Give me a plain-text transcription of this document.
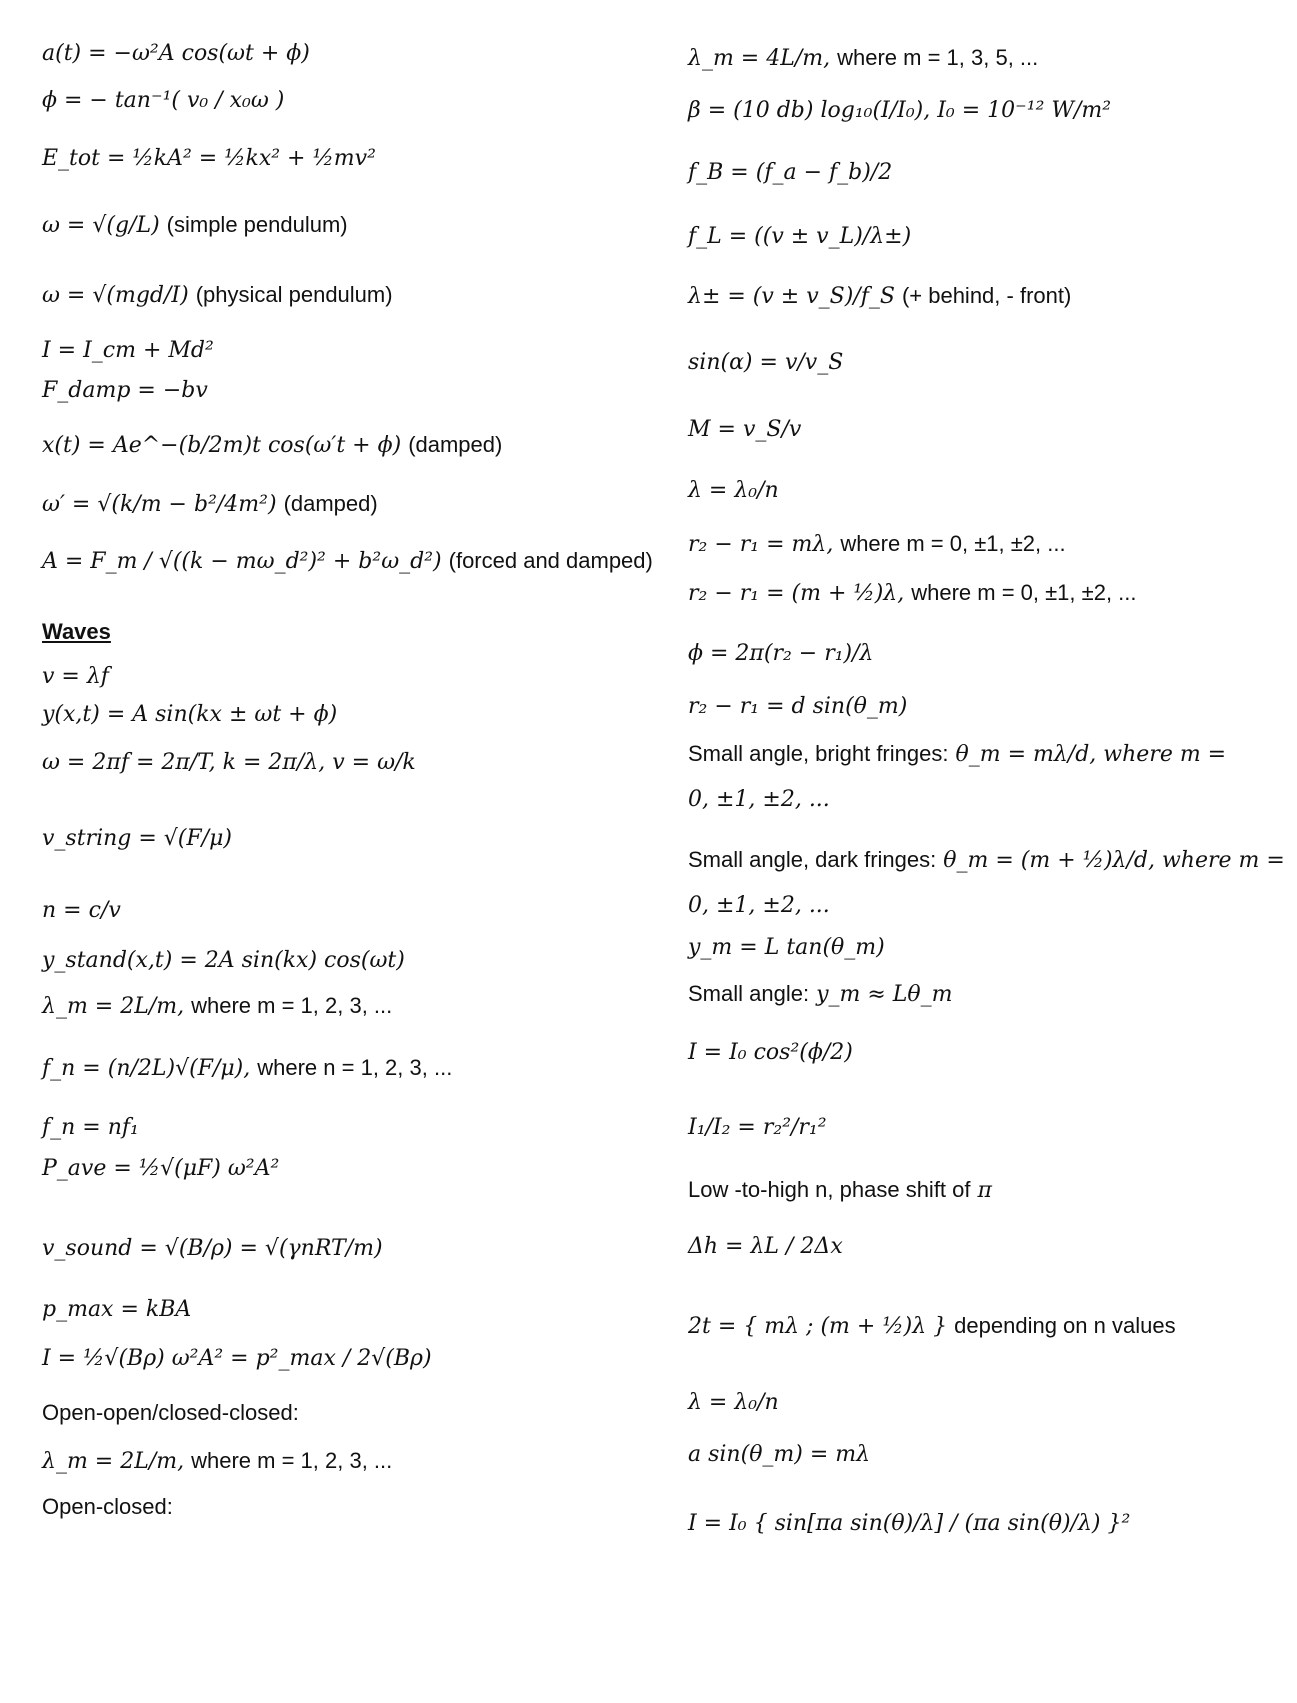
a(t) = −ω²A cos(ωt + ϕ)
ϕ = − tan⁻¹( v₀ / x₀ω )
E_tot = ½kA² = ½kx² + ½mv²
ω = √(g/L) (simple pendulum)
ω = √(mgd/I) (physical pendulum)
I = I_cm + Md²
F_damp = −bv
x(t) = Ae^−(b/2m)t cos(ω′t + ϕ) (damped)
ω′ = √(k/m − b²/4m²) (damped)
A = F_m / √((k − mω_d²)² + b²ω_d²) (forced and damped)
Waves
v = λf
y(x,t) = A sin(kx ± ωt + ϕ)
ω = 2πf = 2π/T, k = 2π/λ, v = ω/k
v_string = √(F/μ)
n = c/v
y_stand(x,t) = 2A sin(kx) cos(ωt)
λ_m = 2L/m, where m = 1, 2, 3, ...
f_n = (n/2L)√(F/μ), where n = 1, 2, 3, ...
f_n = nf₁
P_ave = ½√(μF) ω²A²
v_sound = √(B/ρ) = √(γnRT/m)
p_max = kBA
I = ½√(Bρ) ω²A² = p²_max / 2√(Bρ)
Open-open/closed-closed:
λ_m = 2L/m, where m = 1, 2, 3, ...
Open-closed:
λ_m = 4L/m, where m = 1, 3, 5, ...
β = (10 db) log₁₀(I/I₀), I₀ = 10⁻¹² W/m²
f_B = (f_a − f_b)/2
f_L = ((v ± v_L)/λ±)
λ± = (v ± v_S)/f_S (+ behind, - front)
sin(α) = v/v_S
M = v_S/v
λ = λ₀/n
r₂ − r₁ = mλ, where m = 0, ±1, ±2, ...
r₂ − r₁ = (m + ½)λ, where m = 0, ±1, ±2, ...
ϕ = 2π(r₂ − r₁)/λ
r₂ − r₁ = d sin(θ_m)
Small angle, bright fringes: θ_m = mλ/d, where m =
0, ±1, ±2, ...
Small angle, dark fringes: θ_m = (m + ½)λ/d, where m =
0, ±1, ±2, ...
y_m = L tan(θ_m)
Small angle: y_m ≈ Lθ_m
I = I₀ cos²(ϕ/2)
I₁/I₂ = r₂²/r₁²
Low -to-high n, phase shift of π
Δh = λL / 2Δx
2t = { mλ ; (m + ½)λ } depending on n values
λ = λ₀/n
a sin(θ_m) = mλ
I = I₀ { sin[πa sin(θ)/λ] / (πa sin(θ)/λ) }²
